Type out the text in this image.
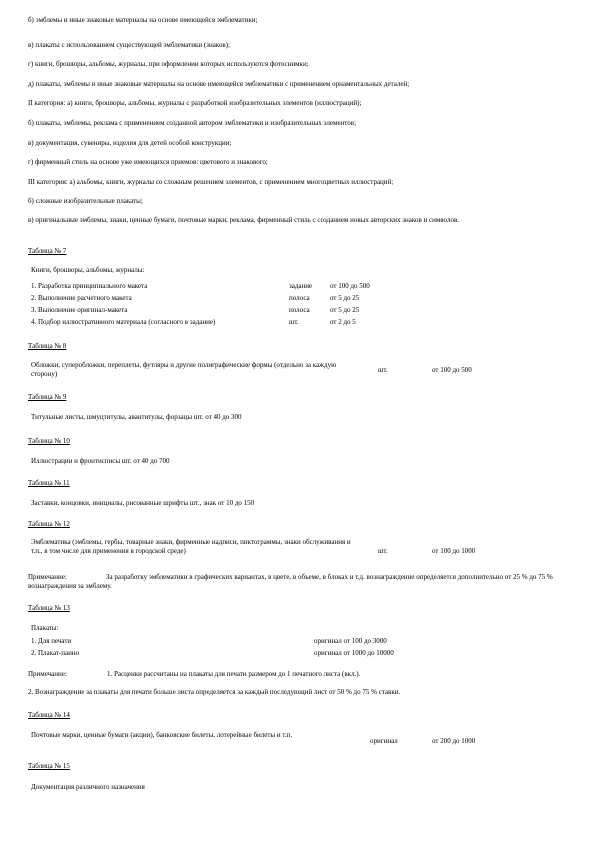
б) эмблемы и иные знаковые материалы на основе имеющейся эмблематики;
в) плакаты с использованием существующей эмблематики (знаков);
г) книги, брошюры, альбомы, журналы, при оформлении которых используются фотоснимки;
д) плакаты, эмблемы и иные знаковые материалы на основе имеющейся эмблематики с применением орнаментальных деталей;
II категория: а) книги, брошюры, альбомы, журналы с разработкой изобразительных элементов (иллюстраций);
б) плакаты, эмблемы, реклама с применением созданной автором эмблематики и изобразительных элементов;
в) документация, сувениры, изделия для детей особой конструкции;
г) фирменный стиль на основе уже имеющихся приемов: цветового и знакового;
III категория: а) альбомы, книги, журналы со сложным решением элементов, с применением многоцветных иллюстраций;
б) сложные изобразительные плакаты;
в) оригинальные эмблемы, знаки, ценные бумаги, почтовые марки, реклама, фирменный стиль с созданием новых авторских знаков и символов.
Таблица № 7
Книги, брошюры, альбомы, журналы:
1. Разработка принципиального макета	задание	от 100 до 500
2. Выполнение расчетного макета	полоса	от 5 до 25
3. Выполнение оригинал-макета	полоса	от 5 до 25
4. Подбор иллюстративного материала (согласного в задание)	шт.	от 2 до 5
Таблица № 8
Обложки, суперобложки, переплеты, футляры и другие полиграфические формы (отдельно за каждую сторону)	шт.	от 100 до 500
Таблица № 9
Титульные листы, шмуцтитулы, авантитулы, форзацы шт. от 40 до 300
Таблица № 10
Иллюстрации и фронтисписы шт. от 40 до 700
Таблица № 11
Заставки, концовки, инициалы, рисованные шрифты шт., знак от 10 до 150
Таблица № 12
Эмблематика (эмблемы, гербы, товарные знаки, фирменные надписи, пиктограммы, знаки обслуживания и т.п., в том числе для применения в городской среде)	шт.	от 100 до 1000
Примечание:	За разработку эмблематики в графических вариантах, в цвете, в объеме, в блоках и т.д. вознаграждение определяется дополнительно от 25 % до 75 % вознаграждения за эмблему.
Таблица № 13
Плакаты:
1. Для печати	оригинал от 100 до 3000
2. Плакат-панно	оригинал от 1000 до 10000
Примечание:	1. Расценки рассчитаны на плакаты для печати размером до 1 печатного листа (вкл.).
2. Вознаграждение за плакаты для печати больше листа определяется за каждый последующий лист от 50 % до 75 % ставки.
Таблица № 14
Почтовые марки, ценные бумаги (акции), банковские билеты, лотерейные билеты и т.п.
оригинал	от 200 до 1000
Таблица № 15
Документация различного назначения
